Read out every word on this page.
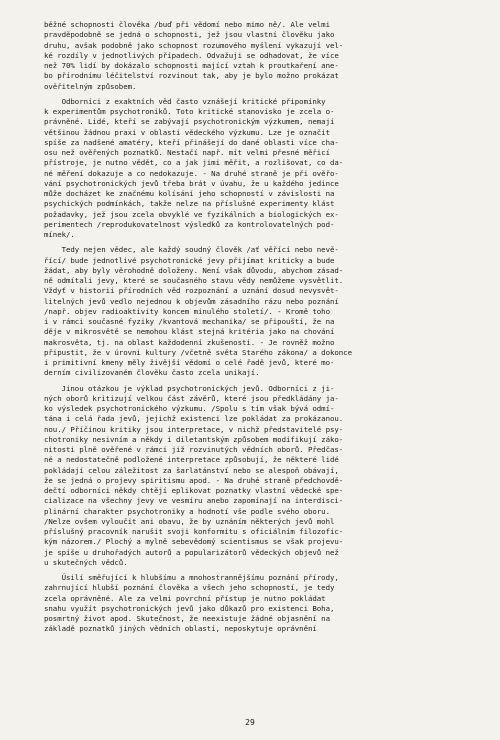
běžné schopnosti člověka /buď při vědomí nebo mimo ně/. Ale velmi
pravděpodobně se jedná o schopnosti, jež jsou vlastní člověku jako
druhu, avšak podobně jako schopnost rozumového myšlení vykazují vel-
ké rozdíly v jednotlivých případech. Odvažuji se odhadovat, že více
než 70% lidí by dokázalo schopnosti mající vztah k proutkaření ane-
bo přírodnímu léčitelství rozvinout tak, aby je bylo možno prokázat
ověřitelným způsobem.

Odborníci z exaktních věd často vznášejí kritické připomínky
k experimentům psychotroniků. Toto kritické stanovisko je zcela o-
právněné. Lidé, kteří se zabývají psychotronickým výzkumem, nemají
většinou žádnou praxi v oblasti vědeckého výzkumu. Lze je označit
spíše za nadšené amatéry, kteří přinášejí do dané oblasti více cha-
osu než ověřených poznatků. Nestačí např. mít velmi přesné měřicí
přístroje, je nutno vědět, co a jak jimi měřit, a rozlišovat, co da-
né měření dokazuje a co nedokazuje. - Na druhé straně je při ověřo-
vání psychotronických jevů třeba brát v úvahu, že u každého jedince
může docházet ke značnému kolísání jeho schopností v závislosti na
psychických podmínkách, takže nelze na příslušné experimenty klást
požadavky, jež jsou zcela obvyklé ve fyzikálních a biologických ex-
perimentech /reprodukovatelnost výsledků za kontrolovatelných pod-
mínek/.

Tedy nejen vědec, ale každý soudný člověk /ať věřící nebo nevě-
řící/ bude jednotlivé psychotronické jevy přijímat kriticky a bude
žádat, aby byly věrohodně doloženy. Není však důvodu, abychom zásad-
ně odmítali jevy, které se současného stavu vědy nemůžeme vysvětlit.
Vždyť v historii přírodních věd rozpoznání a uznání dosud nevysvět-
litelných jevů vedlo nejednou k objevům zásadního rázu nebo poznání
/např. objev radioaktivity koncem minulého století/. - Kromě toho
i v rámci současné fyziky /kvantová mechanika/ se připouští, že na
děje v mikrosvětě se nemohou klást stejná kritéria jako na chování
makrosvěta, tj. na oblast každodenní zkušenosti. - Je rovněž možno
připustit, že v úrovni kultury /včetně světa Starého zákona/ a dokonce
i primitivní kmeny měly živější vědomí o celé řadě jevů, které mo-
derním civilizovaném člověku často zcela unikají.

Jinou otázkou je výklad psychotronických jevů. Odborníci z ji-
ných oborů kritizují velkou část závěrů, které jsou předkládány ja-
ko výsledek psychotronického výzkumu. /Spolu s tím však bývá odmí-
tána i celá řada jevů, jejichž existenci lze pokládat za prokázanou.
nou./ Příčinou kritiky jsou interpretace, v nichž představitelé psy-
chotroniky nesivním a někdy i diletantským způsobem modifikují záko-
nitosti plně ověřené v rámci již rozvinutých vědních oborů. Předčas-
né a nedostatečně podložené interpretace způsobují, že některé lidé
pokládají celou záležitost za šarlatánství nebo se alespoň obávají,
že se jedná o projevy spiritismu apod. - Na druhé straně předchovdě-
dečtí odborníci někdy chtějí eplikovat poznatky vlastní vědecké spe-
cializace na všechny jevy ve vesmíru anebo zapomínají na interdisci-
plinární charakter psychotroniky a hodnotí vše podle svého oboru.
/Nelze ovšem vyloučit ani obavu, že by uznáním některých jevů mohl
příslušný pracovník narušit svoji konformitu s oficiálním filozofic-
kým názorem./ Plochý a mylně sebevědomý scientismus se však projevu-
je spíše u druhořadých autorů a popularizátorů vědeckých objevů než
u skutečných vědců.

Úsilí směřující k hlubšímu a mnohostrannějšímu poznání přírody,
zahrnující hlubší poznání člověka a všech jeho schopností, je tedy
zcela oprávněné. Ale za velmi povrchní přístup je nutno pokládat
snahu využít psychotronických jevů jako důkazů pro existenci Boha,
posmrtný život apod. Skutečnost, že neexistuje žádné objasnění na
základě poznatků jiných vědních oblastí, neposkytuje oprávnění

29
